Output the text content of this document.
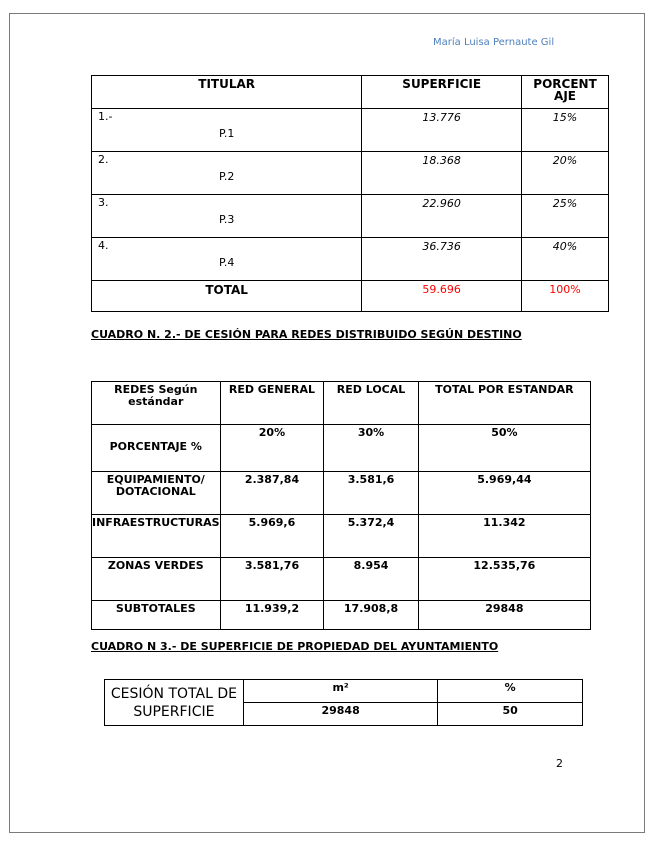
María Luisa Pernaute Gil
TITULAR	SUPERFICIE	PORCENT AJE

1.-
P.1	13.776	15%

2.
P.2	18.368	20%

3.
P.3	22.960	25%

4.
P.4	36.736	40%
TOTAL	59.696	100%
CUADRO N. 2.- DE CESIÓN PARA REDES DISTRIBUIDO SEGÚN DESTINO
REDES Según estándar	RED GENERAL	RED LOCAL	TOTAL POR ESTANDAR
PORCENTAJE %	20%	30%	50%
EQUIPAMIENTO/ DOTACIONAL	2.387,84	3.581,6	5.969,44
INFRAESTRUCTURAS	5.969,6	5.372,4	11.342
ZONAS VERDES	3.581,76	8.954	12.535,76
SUBTOTALES	11.939,2	17.908,8	29848
CUADRO N 3.- DE SUPERFICIE DE PROPIEDAD DEL AYUNTAMIENTO
CESIÓN TOTAL DE SUPERFICIE	m²	%
	29848	50
2
